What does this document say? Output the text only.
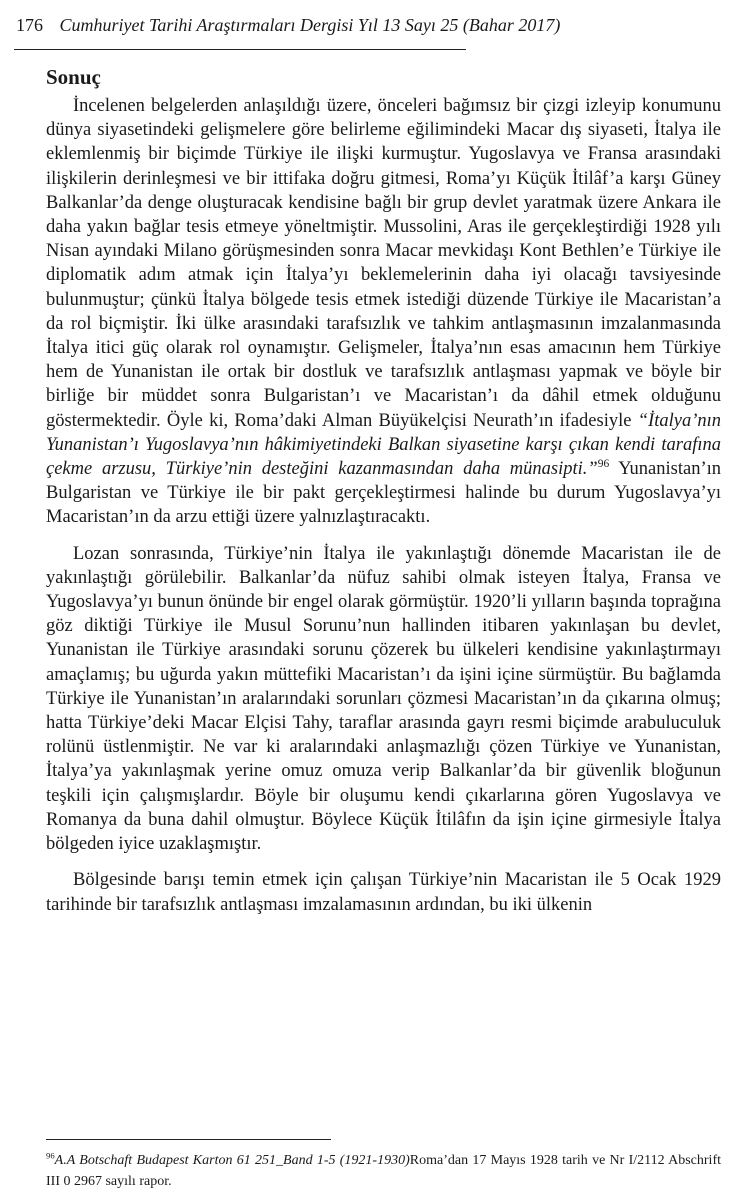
176 Cumhuriyet Tarihi Araştırmaları Dergisi Yıl 13 Sayı 25 (Bahar 2017)
Sonuç

İncelenen belgelerden anlaşıldığı üzere, önceleri bağımsız bir çizgi izleyip konumunu dünya siyasetindeki gelişmelere göre belirleme eğilimindeki Macar dış siyaseti, İtalya ile eklemlenmiş bir biçimde Türkiye ile ilişki kurmuştur. Yugoslavya ve Fransa arasındaki ilişkilerin derinleşmesi ve bir ittifaka doğru gitmesi, Roma’yı Küçük İtilâf’a karşı Güney Balkanlar’da denge oluşturacak kendisine bağlı bir grup devlet yaratmak üzere Ankara ile daha yakın bağlar tesis etmeye yöneltmiştir. Mussolini, Aras ile gerçekleştirdiği 1928 yılı Nisan ayındaki Milano görüşmesinden sonra Macar mevkidaşı Kont Bethlen’e Türkiye ile diplomatik adım atmak için İtalya’yı beklemelerinin daha iyi olacağı tavsiyesinde bulunmuştur; çünkü İtalya bölgede tesis etmek istediği düzende Türkiye ile Macaristan’a da rol biçmiştir. İki ülke arasındaki tarafsızlık ve tahkim antlaşmasının imzalanmasında İtalya itici güç olarak rol oynamıştır. Gelişmeler, İtalya’nın esas amacının hem Türkiye hem de Yunanistan ile ortak bir dostluk ve tarafsızlık antlaşması yapmak ve böyle bir birliğe bir müddet sonra Bulgaristan’ı ve Macaristan’ı da dâhil etmek olduğunu göstermektedir. Öyle ki, Roma’daki Alman Büyükelçisi Neurath’ın ifadesiyle “İtalya’nın Yunanistan’ı Yugoslavya’nın hâkimiyetindeki Balkan siyasetine karşı çıkan kendi tarafına çekme arzusu, Türkiye’nin desteğini kazanmasından daha münasipti.”$^{96}$ Yunanistan’ın Bulgaristan ve Türkiye ile bir pakt gerçekleştirmesi halinde bu durum Yugoslavya’yı Macaristan’ın da arzu ettiği üzere yalnızlaştıracaktı.

Lozan sonrasında, Türkiye’nin İtalya ile yakınlaştığı dönemde Macaristan ile de yakınlaştığı görülebilir. Balkanlar’da nüfuz sahibi olmak isteyen İtalya, Fransa ve Yugoslavya’yı bunun önünde bir engel olarak görmüştür. 1920’li yılların başında toprağına göz diktiği Türkiye ile Musul Sorunu’nun hallinden itibaren yakınlaşan bu devlet, Yunanistan ile Türkiye arasındaki sorunu çözerek bu ülkeleri kendisine yakınlaştırmayı amaçlamış; bu uğurda yakın müttefiki Macaristan’ı da işini içine sürmüştür. Bu bağlamda Türkiye ile Yunanistan’ın aralarındaki sorunları çözmesi Macaristan’ın da çıkarına olmuş; hatta Türkiye’deki Macar Elçisi Tahy, taraflar arasında gayrı resmi biçimde arabuluculuk rolünü üstlenmiştir. Ne var ki aralarındaki anlaşmazlığı çözen Türkiye ve Yunanistan, İtalya’ya yakınlaşmak yerine omuz omuza verip Balkanlar’da bir güvenlik bloğunun teşkili için çalışmışlardır. Böyle bir oluşumu kendi çıkarlarına gören Yugoslavya ve Romanya da buna dahil olmuştur. Böylece Küçük İtilâfın da işin içine girmesiyle İtalya bölgeden iyice uzaklaşmıştır.

Bölgesinde barışı temin etmek için çalışan Türkiye’nin Macaristan ile 5 Ocak 1929 tarihinde bir tarafsızlık antlaşması imzalamasının ardından, bu iki ülkenin

$^{96}$A.A Botschaft Budapest Karton 61 251_Band 1-5 (1921-1930)Roma’dan 17 Mayıs 1928 tarih ve Nr I/2112 Abschrift III 0 2967 sayılı rapor.
